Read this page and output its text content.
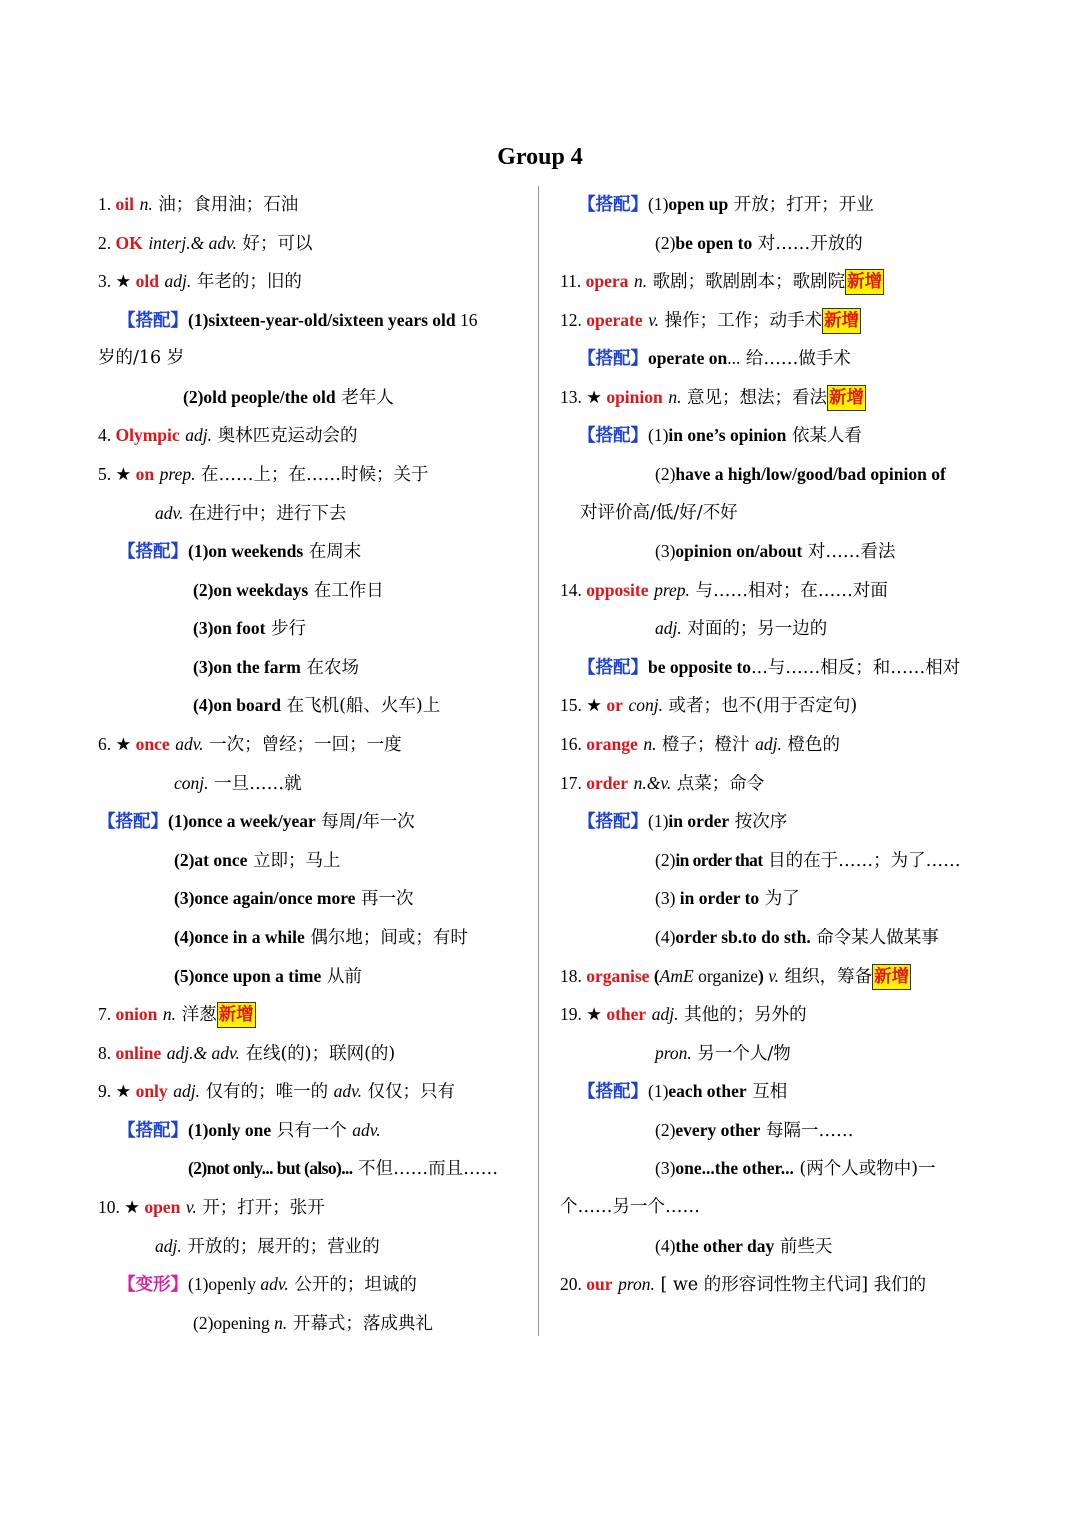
Group 4
1. oil n. 油；食用油；石油
2. OK interj.& adv. 好；可以
3. ★ old adj. 年老的；旧的
【搭配】(1)sixteen-year-old/sixteen years old 16
岁的/16 岁
(2)old people/the old 老年人
4. Olympic adj. 奥林匹克运动会的
5. ★ on prep. 在……上；在……时候；关于
adv. 在进行中；进行下去
【搭配】(1)on weekends 在周末
(2)on weekdays 在工作日
(3)on foot 步行
(3)on the farm 在农场
(4)on board 在飞机(船、火车)上
6. ★ once adv. 一次；曾经；一回；一度
conj. 一旦……就
【搭配】(1)once a week/year 每周/年一次
(2)at once 立即；马上
(3)once again/once more 再一次
(4)once in a while 偶尔地；间或；有时
(5)once upon a time 从前
7. onion n. 洋葱 新增
8. online adj.& adv. 在线(的)；联网(的)
9. ★ only adj. 仅有的；唯一的 adv. 仅仅；只有
【搭配】(1)only one 只有一个 adv.
(2)not only... but (also)... 不但……而且……
10. ★ open v. 开；打开；张开
adj. 开放的；展开的；营业的
【变形】(1)openly adv. 公开的；坦诚的
(2)opening n. 开幕式；落成典礼
【搭配】(1)open up 开放；打开；开业
(2)be open to 对……开放的
11. opera n. 歌剧；歌剧剧本；歌剧院 新增
12. operate v. 操作；工作；动手术 新增
【搭配】operate on... 给……做手术
13. ★ opinion n. 意见；想法；看法 新增
【搭配】(1)in one’s opinion 依某人看
(2)have a high/low/good/bad opinion of
对评价高/低/好/不好
(3)opinion on/about 对……看法
14. opposite prep. 与……相对；在……对面
adj. 对面的；另一边的
【搭配】be opposite to...与……相反；和……相对
15. ★ or conj. 或者；也不(用于否定句)
16. orange n. 橙子；橙汁 adj. 橙色的
17. order n.&v. 点菜；命令
【搭配】(1)in order 按次序
(2)in order that 目的在于……；为了……
(3) in order to 为了
(4)order sb.to do sth. 命令某人做某事
18. organise (AmE organize) v. 组织，筹备 新增
19. ★ other adj. 其他的；另外的
pron. 另一个人/物
【搭配】(1)each other 互相
(2)every other 每隔一……
(3)one...the other... (两个人或物中)一
个……另一个……
(4)the other day 前些天
20. our pron. [ we 的形容词性物主代词] 我们的
